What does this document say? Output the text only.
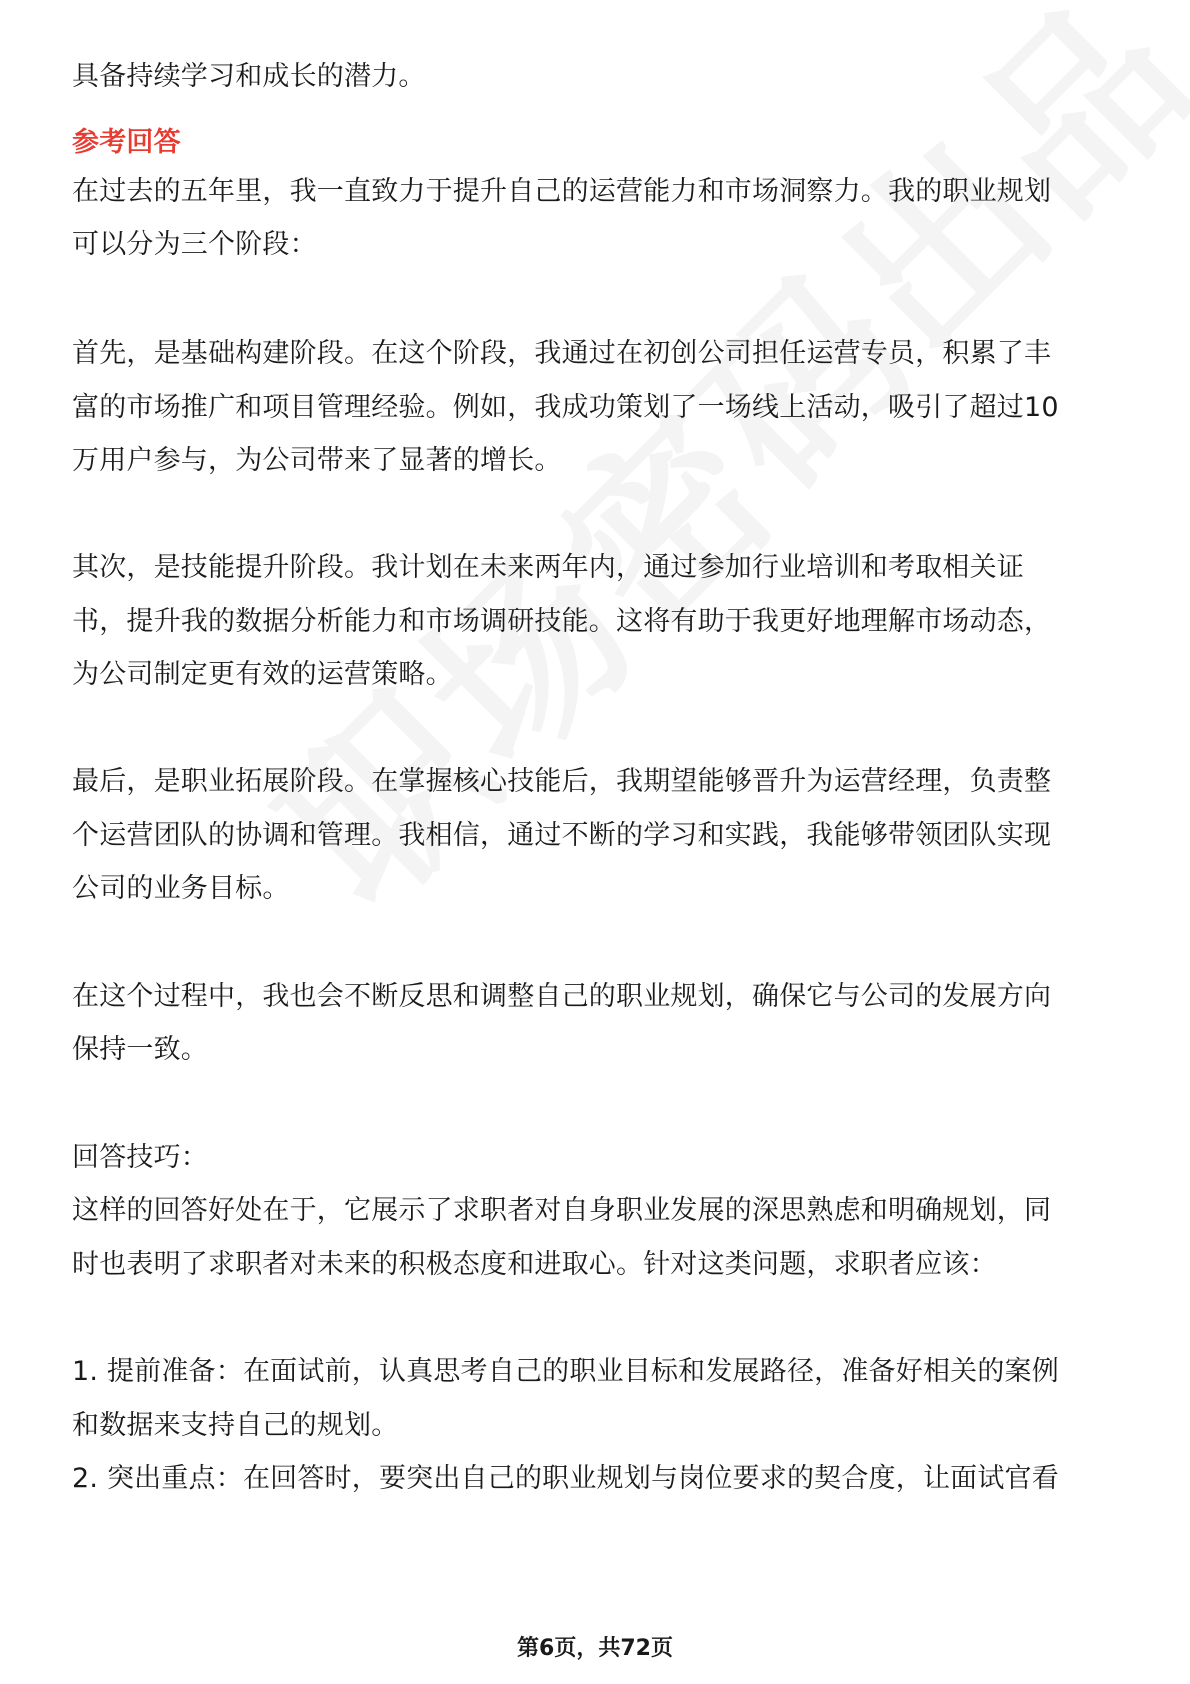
具备持续学习和成长的潜力。
参考回答
在过去的五年里，我一直致力于提升自己的运营能力和市场洞察力。我的职业规划
可以分为三个阶段：
首先，是基础构建阶段。在这个阶段，我通过在初创公司担任运营专员，积累了丰
富的市场推广和项目管理经验。例如，我成功策划了一场线上活动，吸引了超过10
万用户参与，为公司带来了显著的增长。
其次，是技能提升阶段。我计划在未来两年内，通过参加行业培训和考取相关证
书，提升我的数据分析能力和市场调研技能。这将有助于我更好地理解市场动态，
为公司制定更有效的运营策略。
最后，是职业拓展阶段。在掌握核心技能后，我期望能够晋升为运营经理，负责整
个运营团队的协调和管理。我相信，通过不断的学习和实践，我能够带领团队实现
公司的业务目标。
在这个过程中，我也会不断反思和调整自己的职业规划，确保它与公司的发展方向
保持一致。
回答技巧：
这样的回答好处在于，它展示了求职者对自身职业发展的深思熟虑和明确规划，同
时也表明了求职者对未来的积极态度和进取心。针对这类问题，求职者应该：
1. 提前准备：在面试前，认真思考自己的职业目标和发展路径，准备好相关的案例
和数据来支持自己的规划。
2. 突出重点：在回答时，要突出自己的职业规划与岗位要求的契合度，让面试官看
第6页，共72页
